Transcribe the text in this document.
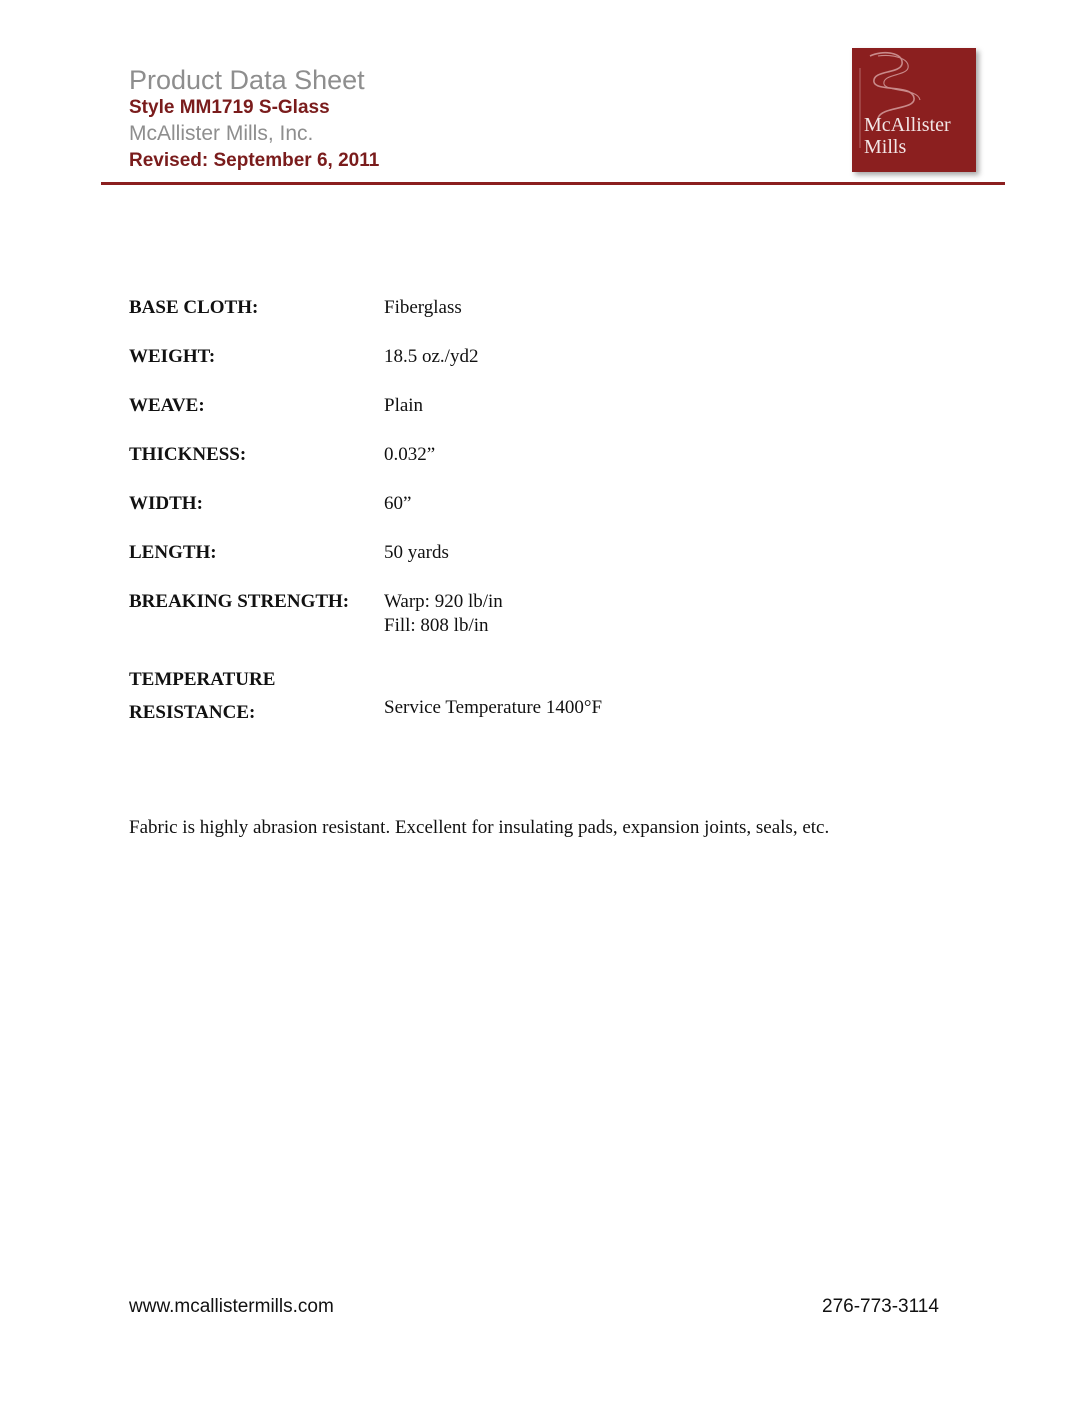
Product Data Sheet
Style MM1719 S-Glass
McAllister Mills, Inc.
Revised: September 6, 2011
McAllister
Mills
BASE CLOTH:	Fiberglass
WEIGHT:	18.5 oz./yd2
WEAVE:	Plain
THICKNESS:	0.032”
WIDTH:	60”
LENGTH:	50 yards
BREAKING STRENGTH: Warp: 920 lb/in
Fill: 808 lb/in
TEMPERATURE
RESISTANCE:	Service Temperature 1400°F
Fabric is highly abrasion resistant. Excellent for insulating pads, expansion joints, seals, etc.
www.mcallistermills.com	276-773-3114
